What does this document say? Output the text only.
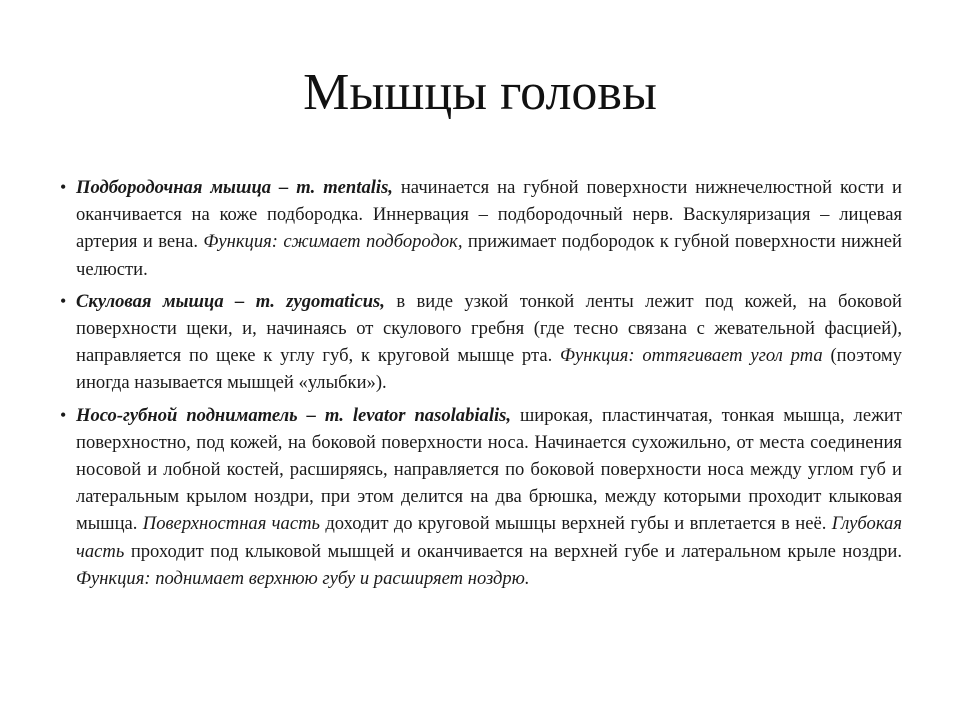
Мышцы головы
• Подбородочная мышца – m. mentalis, начинается на губной поверхности нижнечелюстной кости и оканчивается на коже подбородка. Иннервация – подбородочный нерв. Васкуляризация – лицевая артерия и вена. Функция: сжимает подбородок, прижимает подбородок к губной поверхности нижней челюсти.
• Скуловая мышца – m. zygomaticus, в виде узкой тонкой ленты лежит под кожей, на боковой поверхности щеки, и, начинаясь от скулового гребня (где тесно связана с жевательной фасцией), направляется по щеке к углу губ, к круговой мышце рта. Функция: оттягивает угол рта (поэтому иногда называется мышцей «улыбки»).
• Носо-губной подниматель – m. levator nasolabialis, широкая, пластинчатая, тонкая мышца, лежит поверхностно, под кожей, на боковой поверхности носа. Начинается сухожильно, от места соединения носовой и лобной костей, расширяясь, направляется по боковой поверхности носа между углом губ и латеральным крылом ноздри, при этом делится на два брюшка, между которыми проходит клыковая мышца. Поверхностная часть доходит до круговой мышцы верхней губы и вплетается в неё. Глубокая часть проходит под клыковой мышцей и оканчивается на верхней губе и латеральном крыле ноздри. Функция: поднимает верхнюю губу и расширяет ноздрю.
